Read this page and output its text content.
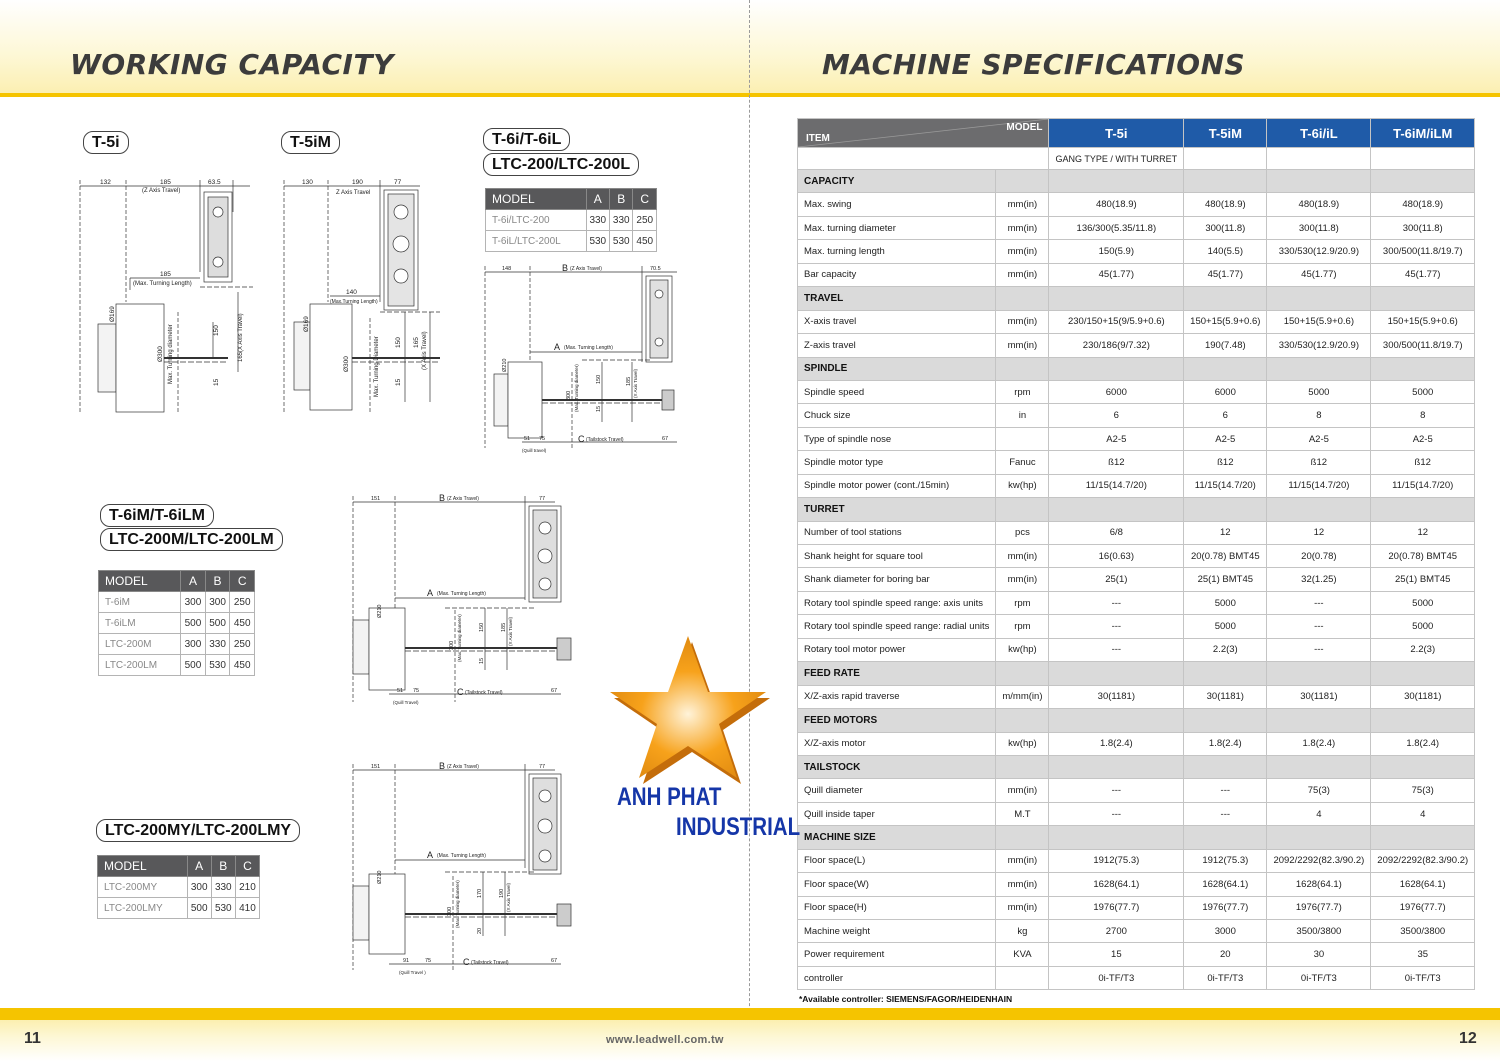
WORKING CAPACITY	MACHINE SPECIFICATIONS
11	12
www.leadwell.com.tw
T-5i	T-5iM	T-6i/T-6iL
LTC-200/LTC-200L
T-6iM/T-6iLM
LTC-200M/LTC-200LM
LTC-200MY/LTC-200LMY
MODEL	A	B	C
T-6i/LTC-200	330	330	250
T-6iL/LTC-200L	530	530	450
MODEL	A	B	C
T-6iM	300	300	250
T-6iLM	500	500	450
LTC-200M	300	330	250
LTC-200LM	500	530	450
MODEL	A	B	C
LTC-200MY	300	330	210
LTC-200LMY	500	530	410
132	185	63.5
(Z Axis Travel)
185
(Max. Turning Length)
Ø169
Ø300 Max. Turning diameter	150
15
165(X Axis Travel)
130	190	77
Z Axis Travel
140
(Max.Turning Length)
Ø169
Ø300	Max. Turning Diameter 150
15
165 (X Axis Travel)
148	B (Z Axis Travel)	70.5
A (Max. Turning Length)
Ø210
300 (Max. Turning diameter)	150
15
185 (X Axis Travel)
51 75	C (Tailstock Travel)	67
(Quill travel)
151	B (Z Axis Travel)	77
A (Max. Turning Length)
Ø210
300 (Max. Turning diameter)	150
15
185 (X Axis Travel)
51 75	C (Tailstock Travel)	67
(Quill Travel)
151	B (Z Axis Travel)	77
A (Max. Turning Length)
Ø210
300 (Max. Turning diameter)	170
20
190 (X Axis Travel)
91	75	C (Tailstock Travel)	67
(Quill Travel )
MODEL
ITEM		T-5i	T-5iM	T-6i/iL	T-6iM/iLM
		GANG TYPE / WITH TURRET			
CAPACITY					
Max. swing	mm(in)	480(18.9)	480(18.9)	480(18.9)	480(18.9)
Max. turning diameter	mm(in)	136/300(5.35/11.8)	300(11.8)	300(11.8)	300(11.8)
Max. turning length	mm(in)	150(5.9)	140(5.5)	330/530(12.9/20.9)	300/500(11.8/19.7)
Bar capacity	mm(in)	45(1.77)	45(1.77)	45(1.77)	45(1.77)
TRAVEL					
X-axis travel	mm(in)	230/150+15(9/5.9+0.6)	150+15(5.9+0.6)	150+15(5.9+0.6)	150+15(5.9+0.6)
Z-axis travel	mm(in)	230/186(9/7.32)	190(7.48)	330/530(12.9/20.9)	300/500(11.8/19.7)
SPINDLE					
Spindle speed	rpm	6000	6000	5000	5000
Chuck size	in	6	6	8	8
Type of spindle nose		A2-5	A2-5	A2-5	A2-5
Spindle motor type	Fanuc	ß12	ß12	ß12	ß12
Spindle motor power (cont./15min)	kw(hp)	11/15(14.7/20)	11/15(14.7/20)	11/15(14.7/20)	11/15(14.7/20)
TURRET					
Number of tool stations	pcs	6/8	12	12	12
Shank height for square tool	mm(in)	16(0.63)	20(0.78) BMT45	20(0.78)	20(0.78) BMT45
Shank diameter for boring bar	mm(in)	25(1)	25(1) BMT45	32(1.25)	25(1) BMT45
Rotary tool spindle speed range: axis units	rpm	---	5000	---	5000
Rotary tool spindle speed range: radial units	rpm	---	5000	---	5000
Rotary tool motor power	kw(hp)	---	2.2(3)	---	2.2(3)
FEED RATE					
X/Z-axis rapid traverse	m/mm(in)	30(1181)	30(1181)	30(1181)	30(1181)
FEED MOTORS					
X/Z-axis motor	kw(hp)	1.8(2.4)	1.8(2.4)	1.8(2.4)	1.8(2.4)
TAILSTOCK					
Quill diameter	mm(in)	---	---	75(3)	75(3)
Quill inside taper	M.T	---	---	4	4
MACHINE SIZE					
Floor space(L)	mm(in)	1912(75.3)	1912(75.3)	2092/2292(82.3/90.2)	2092/2292(82.3/90.2)
Floor space(W)	mm(in)	1628(64.1)	1628(64.1)	1628(64.1)	1628(64.1)
Floor space(H)	mm(in)	1976(77.7)	1976(77.7)	1976(77.7)	1976(77.7)
Machine weight	kg	2700	3000	3500/3800	3500/3800
Power requirement	KVA	15	20	30	35
controller		0i-TF/T3	0i-TF/T3	0i-TF/T3	0i-TF/T3
*Available controller: SIEMENS/FAGOR/HEIDENHAIN
ANH PHAT
INDUSTRIAL
